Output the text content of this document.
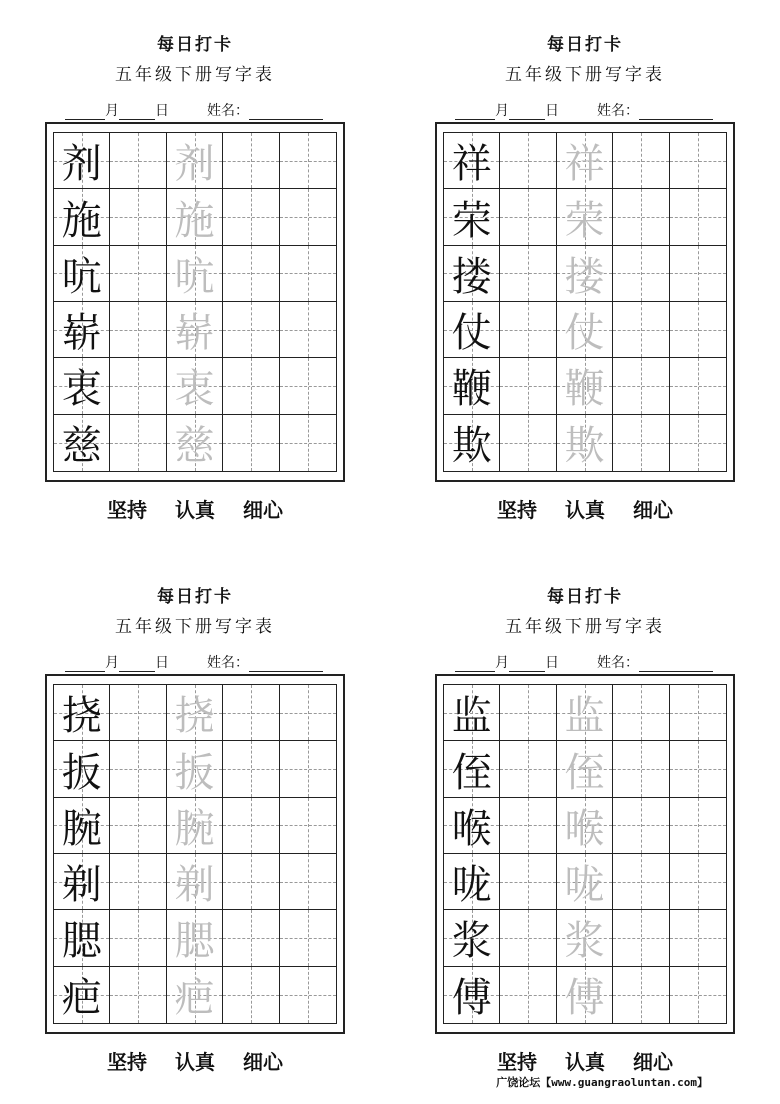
每日打卡
五年级下册写字表
月	日	姓名：
剂 剂
施 施
吭 吭
崭 崭
衷 衷
慈 慈
坚持 认真 细心
每日打卡
五年级下册写字表
月	日	姓名：
祥 祥
荣 荣
搂 搂
仗 仗
鞭 鞭
欺 欺
坚持 认真 细心
每日打卡
五年级下册写字表
月	日	姓名：
挠 挠
扳 扳
腕 腕
剃 剃
腮 腮
疤 疤
坚持 认真 细心
每日打卡
五年级下册写字表
月	日	姓名：
监 监
侄 侄
喉 喉
咙 咙
浆 浆
傅 傅
坚持 认真 细心
广饶论坛【www.guangraoluntan.com】
